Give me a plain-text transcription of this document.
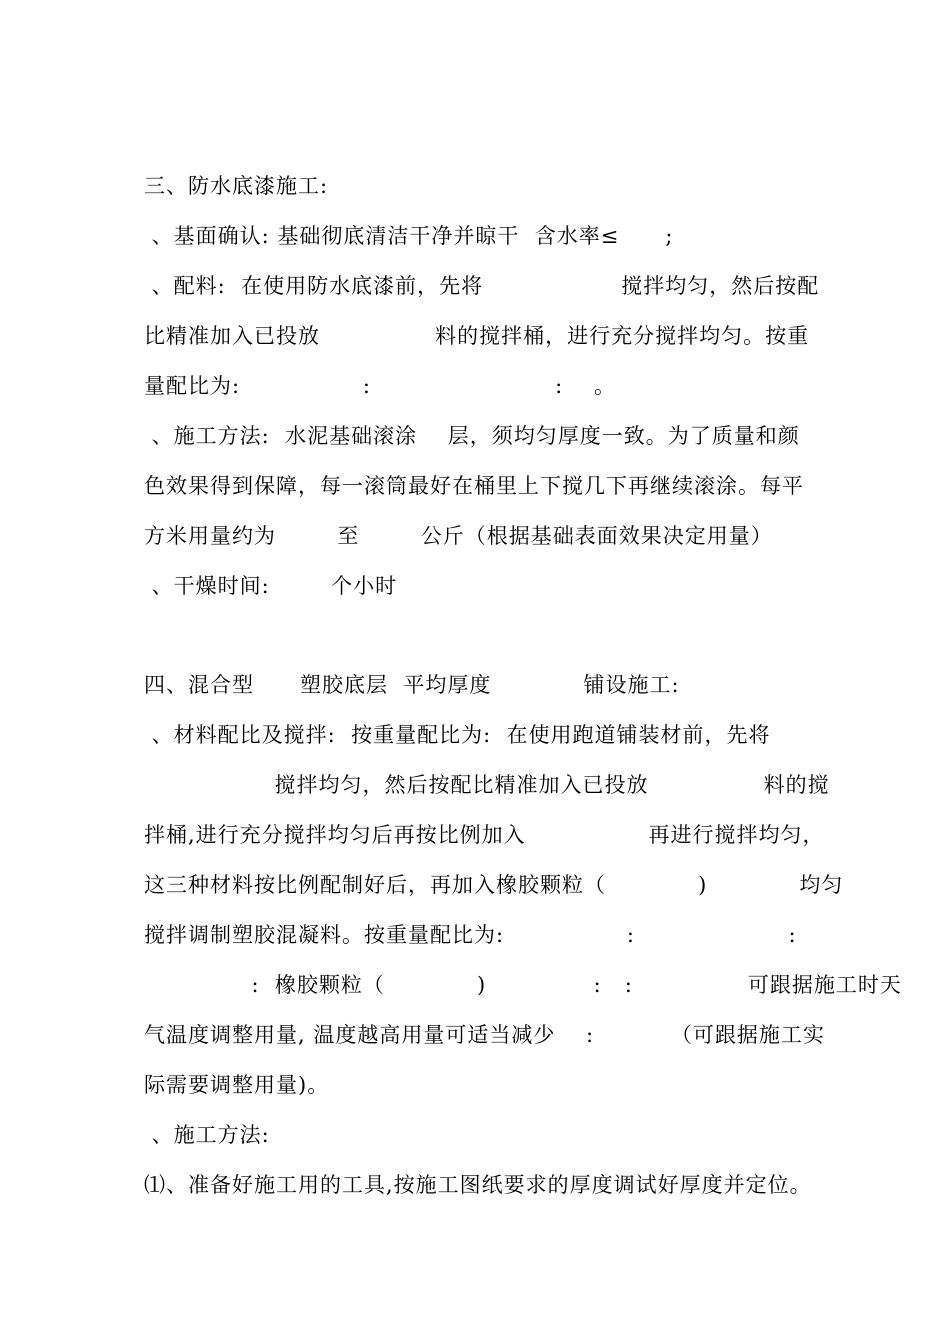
三、防水底漆施工:
、基面确认: 基础彻底清洁干净并晾干  含水率≤      ;
、配料:  在使用防水底漆前，先将                  搅拌均匀，然后按配
比精准加入已投放               料的搅拌桶，进行充分搅拌均匀。按重
量配比为:                :                        :    。
、施工方法:  水泥基础滚涂    层，须均匀厚度一致。为了质量和颜
色效果得到保障，每一滚筒最好在桶里上下搅几下再继续滚涂。每平
方米用量约为        至        公斤（根据基础表面效果决定用量）
、干燥时间:        个小时
四、混合型      塑胶底层  平均厚度            铺设施工:
、材料配比及搅拌:  按重量配比为:  在使用跑道铺装材前，先将
搅拌均匀，然后按配比精准加入已投放               料的搅
拌桶,进行充分搅拌均匀后再按比例加入                再进行搅拌均匀，
这三种材料按比例配制好后，再加入橡胶颗粒（            )            均匀
搅拌调制塑胶混凝料。按重量配比为:                :                    :
:  橡胶颗粒（            )              :   :               可跟据施工时天
气温度调整用量, 温度越高用量可适当减少    :          （可跟据施工实
际需要调整用量)。
、施工方法:
⑴、准备好施工用的工具,按施工图纸要求的厚度调试好厚度并定位。
